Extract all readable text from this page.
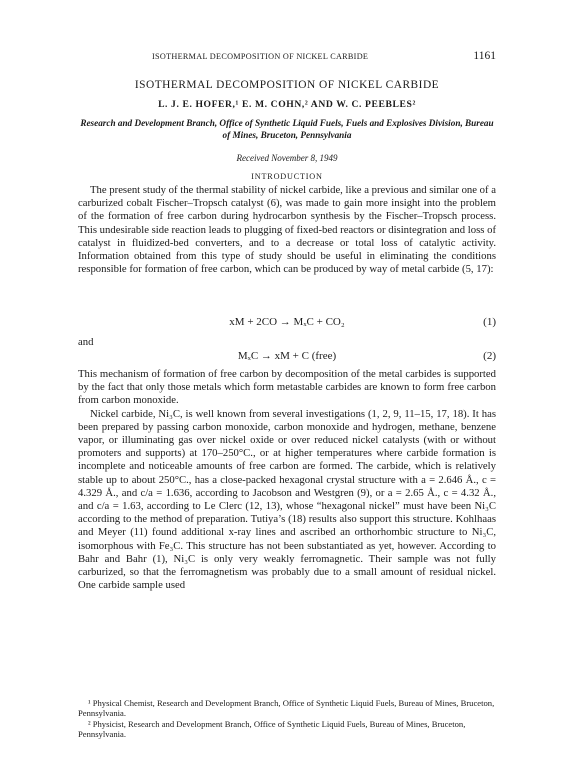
ISOTHERMAL DECOMPOSITION OF NICKEL CARBIDE	1161
ISOTHERMAL DECOMPOSITION OF NICKEL CARBIDE
L. J. E. HOFER,¹ E. M. COHN,² AND W. C. PEEBLES²
Research and Development Branch, Office of Synthetic Liquid Fuels, Fuels and Explosives Division, Bureau of Mines, Bruceton, Pennsylvania
Received November 8, 1949
INTRODUCTION

The present study of the thermal stability of nickel carbide, like a previous and similar one of a carburized cobalt Fischer–Tropsch catalyst (6), was made to gain more insight into the problem of the formation of free carbon during hydrocarbon synthesis by the Fischer–Tropsch process. This undesirable side reaction leads to plugging of fixed-bed reactors or disintegration and loss of catalyst in fluidized-bed converters, and to a decrease or total loss of catalytic activity. Information obtained from this type of study should be useful in eliminating the conditions responsible for formation of free carbon, which can be produced by way of metal carbide (5, 17):

xM + 2CO → MₓC + CO₂	(1)
and
MₓC → xM + C (free)	(2)

This mechanism of formation of free carbon by decomposition of the metal carbides is supported by the fact that only those metals which form metastable carbides are known to form free carbon from carbon monoxide.

Nickel carbide, Ni₃C, is well known from several investigations (1, 2, 9, 11–15, 17, 18). It has been prepared by passing carbon monoxide, carbon monoxide and hydrogen, methane, benzene vapor, or illuminating gas over nickel oxide or over reduced nickel catalysts (with or without promoters and supports) at 170–250°C., or at higher temperatures where carbide formation is incomplete and noticeable amounts of free carbon are formed. The carbide, which is relatively stable up to about 250°C., has a close-packed hexagonal crystal structure with a = 2.646 Å., c = 4.329 Å., and c/a = 1.636, according to Jacobson and Westgren (9), or a = 2.65 Å., c = 4.32 Å., and c/a = 1.63, according to Le Clerc (12, 13), whose “hexagonal nickel” must have been Ni₃C according to the method of preparation. Tutiya’s (18) results also support this structure. Kohlhaas and Meyer (11) found additional x-ray lines and ascribed an orthorhombic structure to Ni₃C, isomorphous with Fe₃C. This structure has not been substantiated as yet, however. According to Bahr and Bahr (1), Ni₃C is only very weakly ferromagnetic. Their sample was not fully carburized, so that the ferromagnetism was probably due to a small amount of residual nickel. One carbide sample used

¹ Physical Chemist, Research and Development Branch, Office of Synthetic Liquid Fuels, Bureau of Mines, Bruceton, Pennsylvania.

² Physicist, Research and Development Branch, Office of Synthetic Liquid Fuels, Bureau of Mines, Bruceton, Pennsylvania.
